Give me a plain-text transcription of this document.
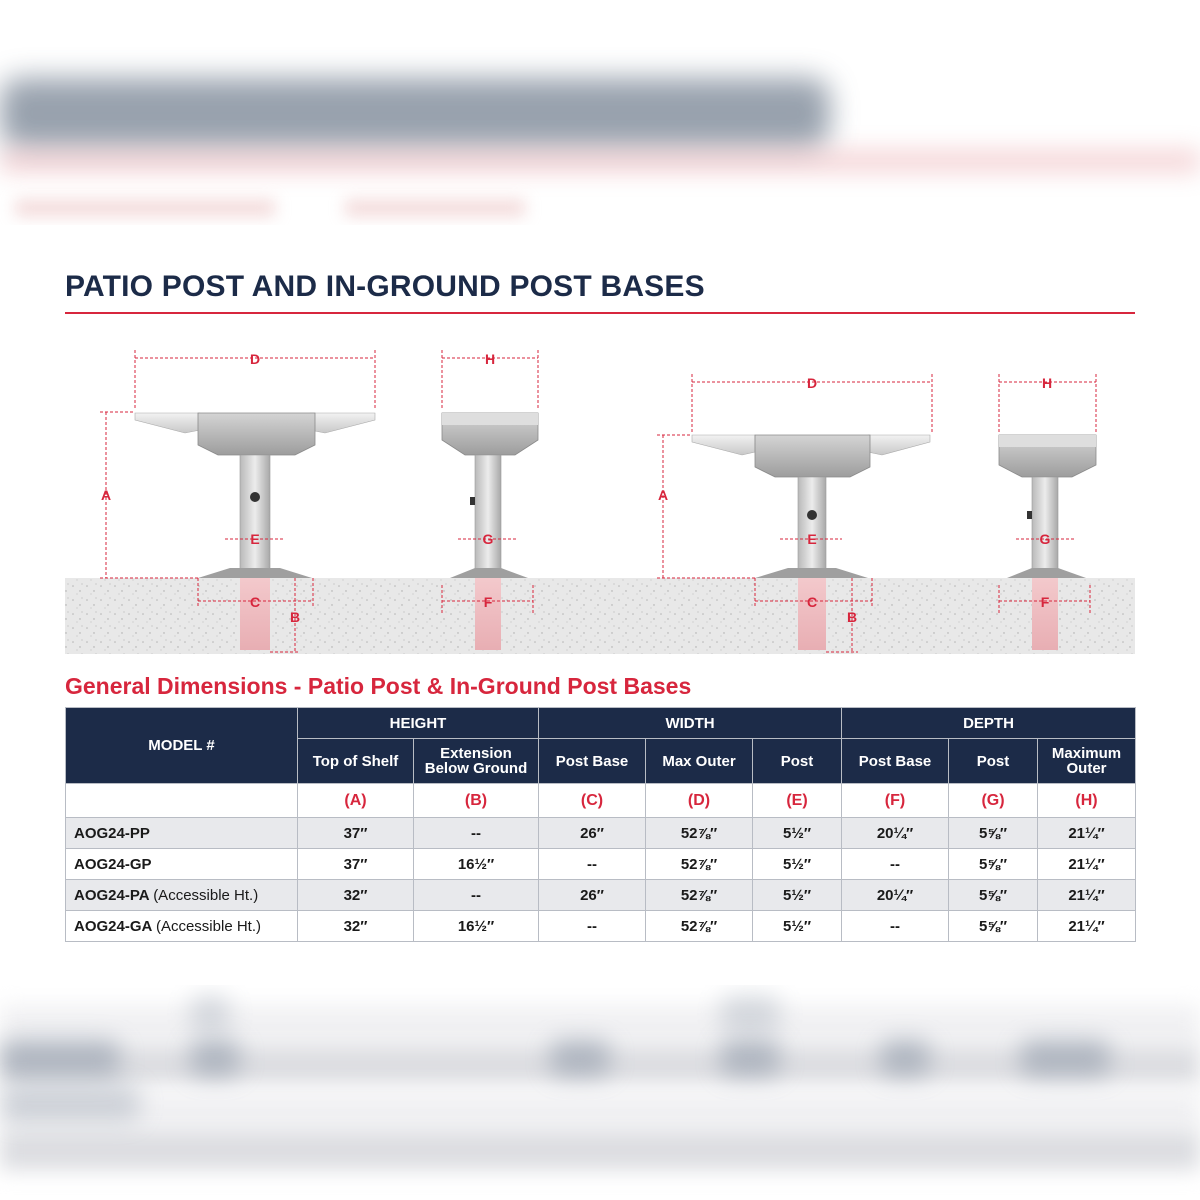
PATIO POST AND IN-GROUND POST BASES
D	H
D	H
A	A
E	G	E	G
C	F	C	F
B	B
General Dimensions - Patio Post & In-Ground Post Bases
MODEL #	HEIGHT		WIDTH			DEPTH		

	Top of Shelf	Extension
Below Ground	Post Base	Max Outer	Post	Post Base	Post	Maximum
Outer

	(A)	(B)	(C)	(D)	(E)	(F)	(G)	(H)
AOG24-PP	37″	--	26″	52⅞″	5½″	20¼″	5⅝″	21¼″
AOG24-GP	37″	16½″	--	52⅞″	5½″	--	5⅝″	21¼″
AOG24-PA (Accessible Ht.)	32″	--	26″	52⅞″	5½″	20¼″	5⅝″	21¼″
AOG24-GA (Accessible Ht.)	32″	16½″	--	52⅞″	5½″	--	5⅝″	21¼″
